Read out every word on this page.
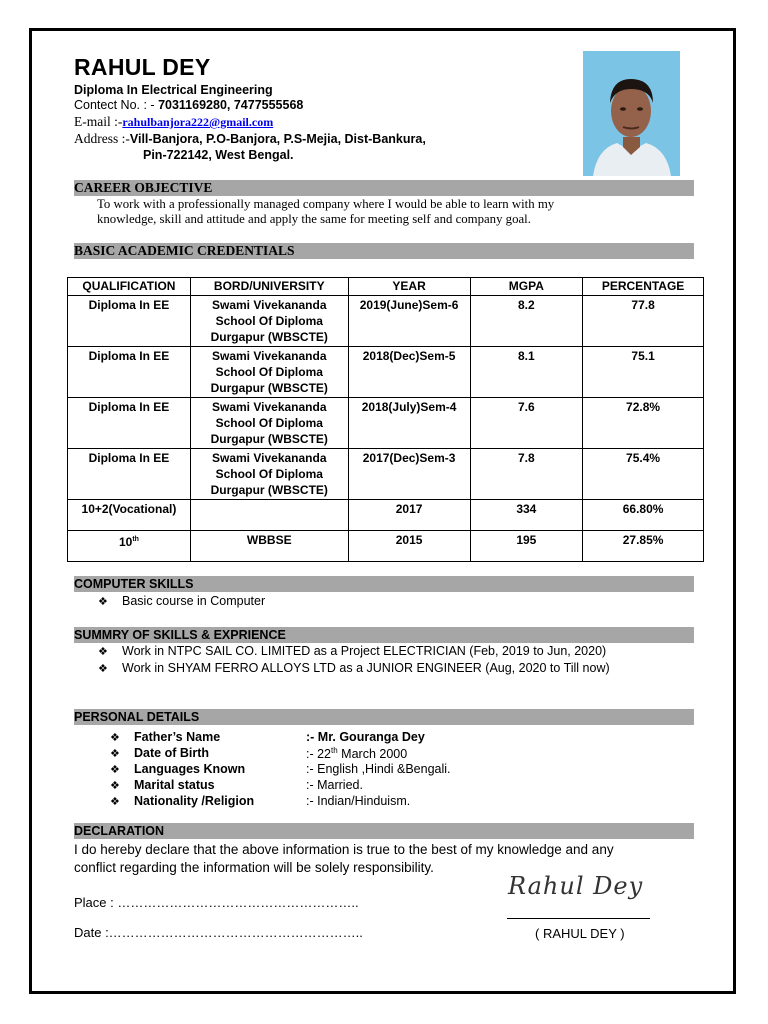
RAHUL DEY
Diploma In Electrical Engineering
Contect No. : - 7031169280, 7477555568
E-mail :-rahulbanjora222@gmail.com
Address :-Vill-Banjora, P.O-Banjora, P.S-Mejia, Dist-Bankura,
Pin-722142, West Bengal.
CAREER OBJECTIVE
To work with a professionally managed company where I would be able to learn with my
knowledge, skill and attitude and apply the same for meeting self and company goal.
BASIC ACADEMIC CREDENTIALS
QUALIFICATION	BORD/UNIVERSITY	YEAR	MGPA	PERCENTAGE
Diploma In EE	Swami Vivekananda
School Of Diploma
Durgapur (WBSCTE)	2019(June)Sem-6	8.2	77.8
Diploma In EE	Swami Vivekananda
School Of Diploma
Durgapur (WBSCTE)	2018(Dec)Sem-5	8.1	75.1
Diploma In EE	Swami Vivekananda
School Of Diploma
Durgapur (WBSCTE)	2018(July)Sem-4	7.6	72.8%
Diploma In EE	Swami Vivekananda
School Of Diploma
Durgapur (WBSCTE)	2017(Dec)Sem-3	7.8	75.4%
10+2(Vocational)		2017	334	66.80%
10th	WBBSE	2015	195	27.85%
COMPUTER SKILLS
❖ Basic course in Computer
SUMMRY OF SKILLS & EXPRIENCE
❖ Work in NTPC SAIL CO. LIMITED as a Project ELECTRICIAN (Feb, 2019 to Jun, 2020)
❖ Work in SHYAM FERRO ALLOYS LTD as a JUNIOR ENGINEER (Aug, 2020 to Till now)
PERSONAL DETAILS
❖ Father’s Name	:- Mr. Gouranga Dey
❖ Date of Birth	:- 22th March 2000
❖ Languages Known	:- English ,Hindi &Bengali.
❖ Marital status	:- Married.
❖ Nationality /Religion	:- Indian/Hinduism.
DECLARATION
I do hereby declare that the above information is true to the best of my knowledge and any
conflict regarding the information will be solely responsibility.
Place : ………………………………………………..
Date :…………………………………………………..
Rahul Dey
( RAHUL DEY )
